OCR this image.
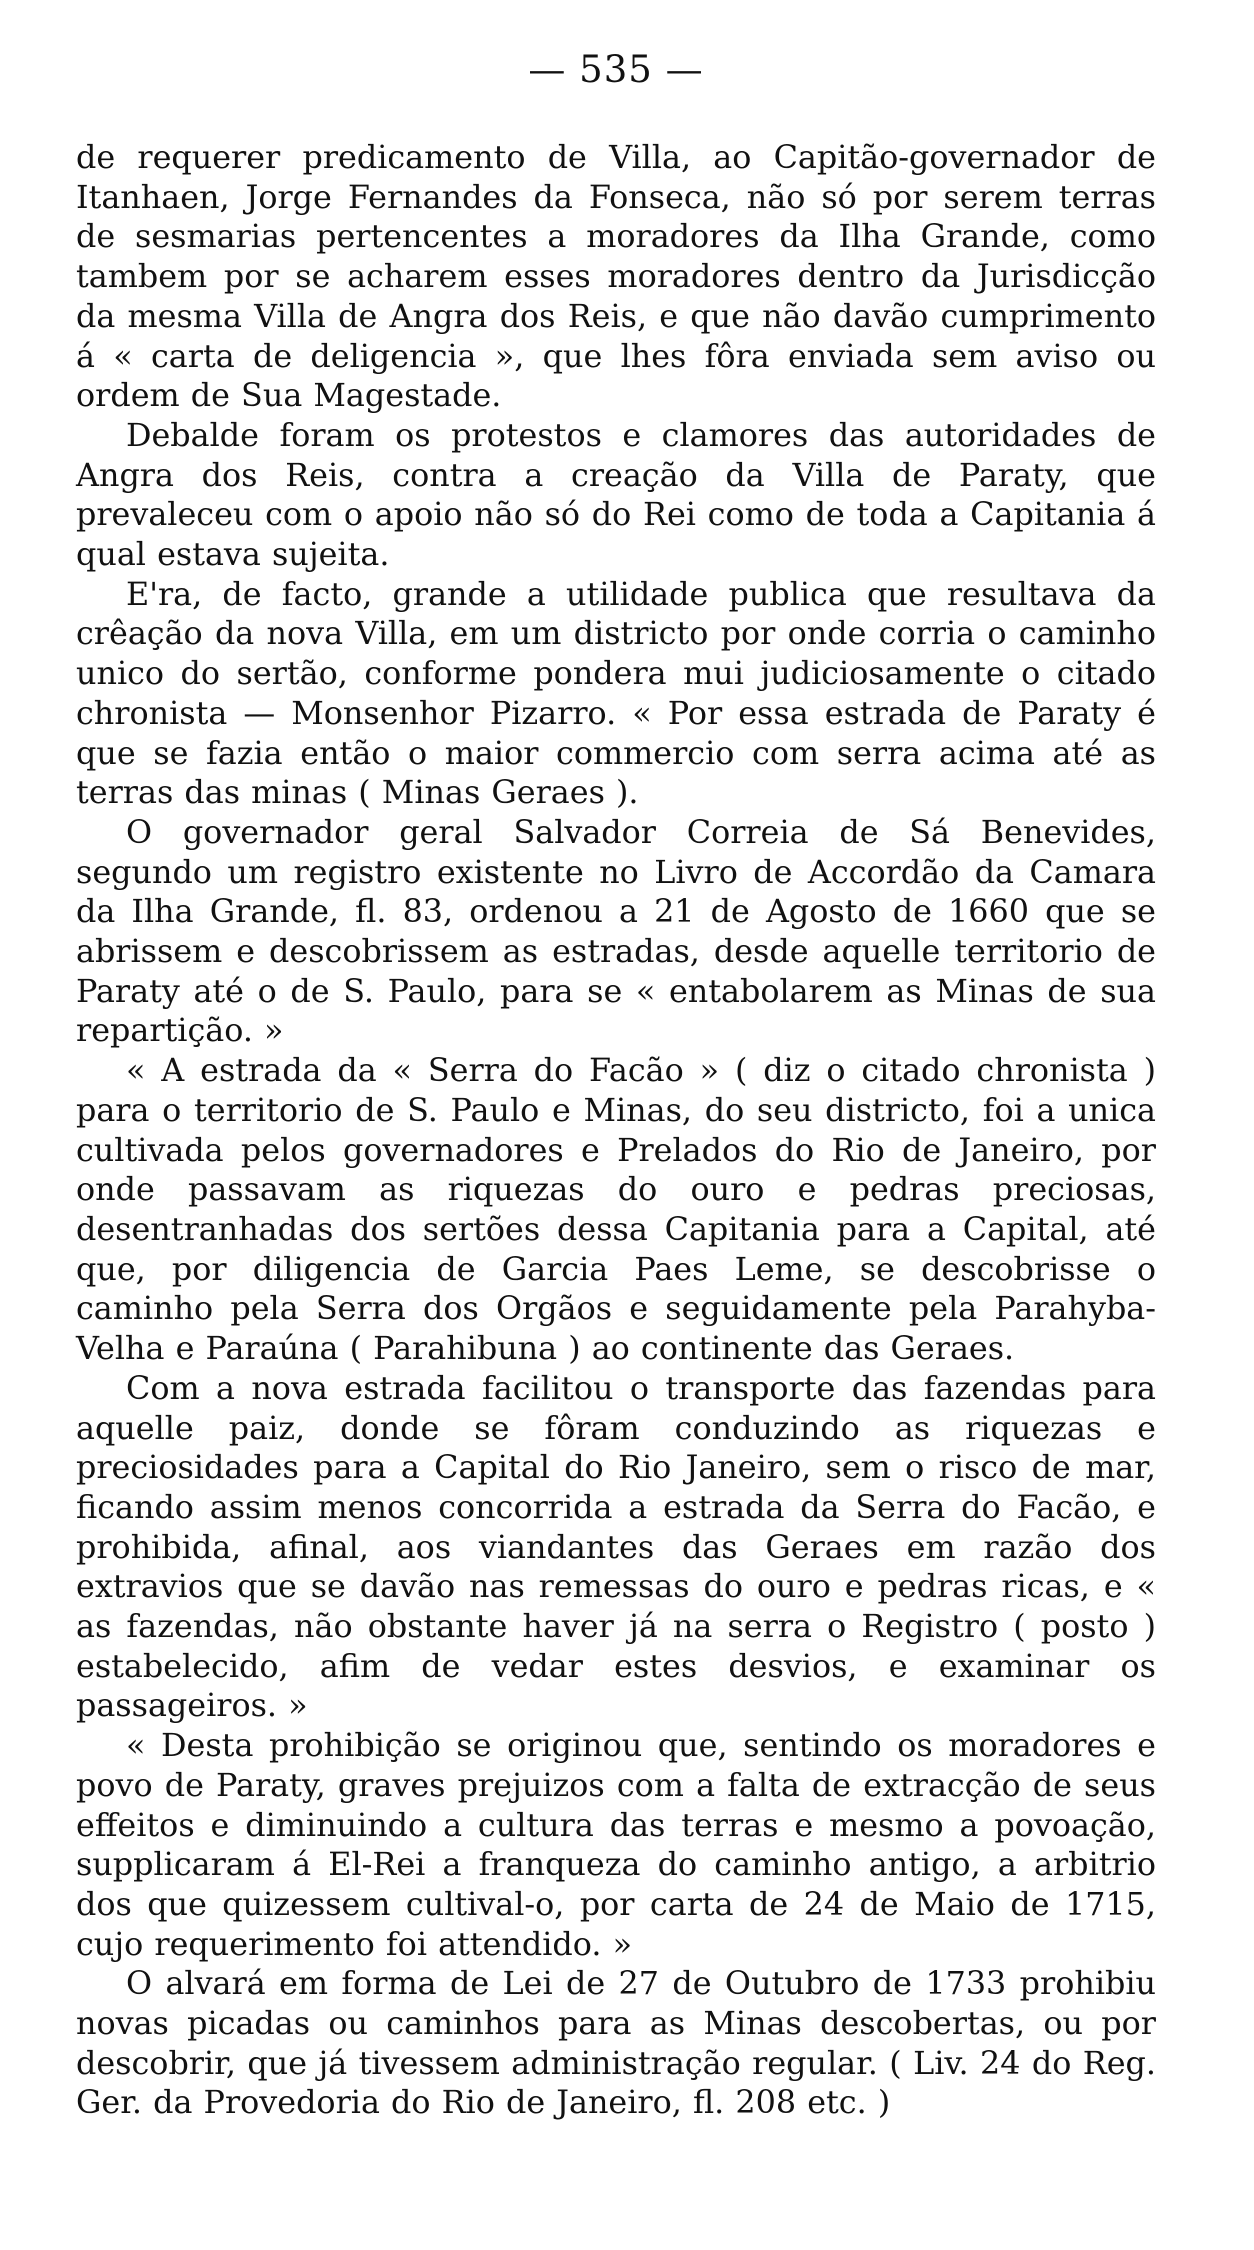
— 535 —

de requerer predicamento de Villa, ao Capitão-governador de Itanhaen, Jorge Fernandes da Fonseca, não só por serem terras de sesmarias pertencentes a moradores da Ilha Grande, como tambem por se acharem esses moradores dentro da Jurisdicção da mesma Villa de Angra dos Reis, e que não davão cumprimento á « carta de deligencia », que lhes fôra enviada sem aviso ou ordem de Sua Magestade.

Debalde foram os protestos e clamores das autoridades de Angra dos Reis, contra a creação da Villa de Paraty, que prevaleceu com o apoio não só do Rei como de toda a Capitania á qual estava sujeita.

E'ra, de facto, grande a utilidade publica que resultava da crêação da nova Villa, em um districto por onde corria o caminho unico do sertão, conforme pondera mui judiciosamente o citado chronista — Monsenhor Pizarro. « Por essa estrada de Paraty é que se fazia então o maior commercio com serra acima até as terras das minas ( Minas Geraes ).

O governador geral Salvador Correia de Sá Benevides, segundo um registro existente no Livro de Accordão da Camara da Ilha Grande, fl. 83, ordenou a 21 de Agosto de 1660 que se abrissem e descobrissem as estradas, desde aquelle territorio de Paraty até o de S. Paulo, para se « entabolarem as Minas de sua repartição. »

« A estrada da « Serra do Facão » ( diz o citado chronista ) para o territorio de S. Paulo e Minas, do seu districto, foi a unica cultivada pelos governadores e Prelados do Rio de Janeiro, por onde passavam as riquezas do ouro e pedras preciosas, desentranhadas dos sertões dessa Capitania para a Capital, até que, por diligencia de Garcia Paes Leme, se descobrisse o caminho pela Serra dos Orgãos e seguidamente pela Parahyba-Velha e Paraúna ( Parahibuna ) ao continente das Geraes.

Com a nova estrada facilitou o transporte das fazendas para aquelle paiz, donde se fôram conduzindo as riquezas e preciosidades para a Capital do Rio Janeiro, sem o risco de mar, ficando assim menos concorrida a estrada da Serra do Facão, e prohibida, afinal, aos viandantes das Geraes em razão dos extravios que se davão nas remessas do ouro e pedras ricas, e « as fazendas, não obstante haver já na serra o Registro ( posto ) estabelecido, afim de vedar estes desvios, e examinar os passageiros. »

« Desta prohibição se originou que, sentindo os moradores e povo de Paraty, graves prejuizos com a falta de extracção de seus effeitos e diminuindo a cultura das terras e mesmo a povoação, supplicaram á El-Rei a franqueza do caminho antigo, a arbitrio dos que quizessem cultival-o, por carta de 24 de Maio de 1715, cujo requerimento foi attendido. »

O alvará em forma de Lei de 27 de Outubro de 1733 prohibiu novas picadas ou caminhos para as Minas descobertas, ou por descobrir, que já tivessem administração regular. ( Liv. 24 do Reg. Ger. da Provedoria do Rio de Janeiro, fl. 208 etc. )
